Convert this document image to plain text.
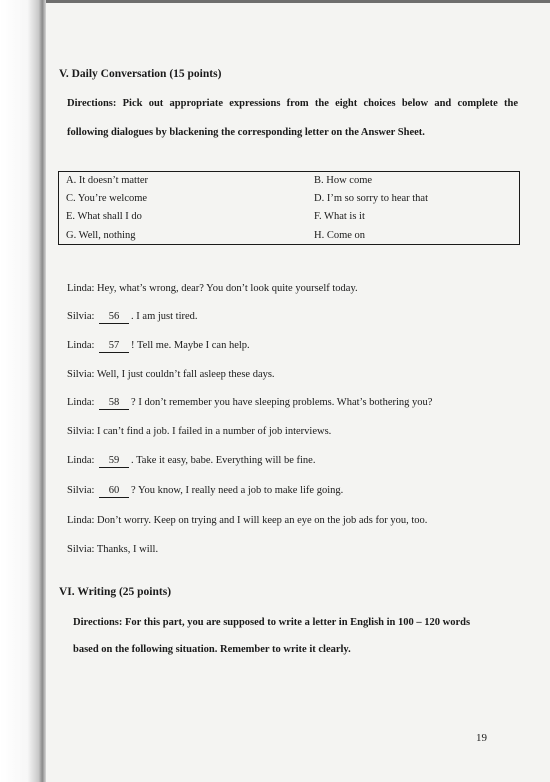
V. Daily Conversation (15 points)
Directions: Pick out appropriate expressions from the eight choices below and complete the
following dialogues by blackening the corresponding letter on the Answer Sheet.
A. It doesn’t matter	B. How come
C. You’re welcome	D. I’m so sorry to hear that
E. What shall I do	F. What is it
G. Well, nothing	H. Come on
Linda: Hey, what’s wrong, dear? You don’t look quite yourself today.
Silvia: 56 . I am just tired.
Linda: 57 ! Tell me. Maybe I can help.
Silvia: Well, I just couldn’t fall asleep these days.
Linda: 58 ? I don’t remember you have sleeping problems. What’s bothering you?
Silvia: I can’t find a job. I failed in a number of job interviews.
Linda: 59 . Take it easy, babe. Everything will be fine.
Silvia: 60 ? You know, I really need a job to make life going.
Linda: Don’t worry. Keep on trying and I will keep an eye on the job ads for you, too.
Silvia: Thanks, I will.
VI. Writing (25 points)
Directions: For this part, you are supposed to write a letter in English in 100 – 120 words
based on the following situation. Remember to write it clearly.
19
